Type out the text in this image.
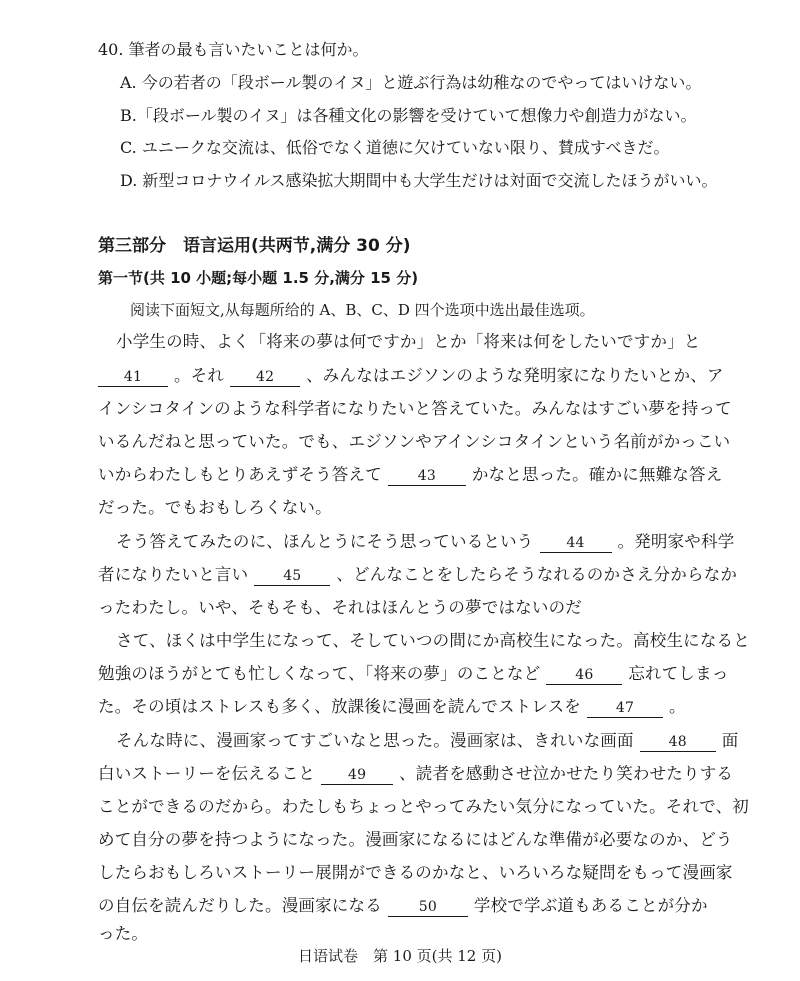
40. 筆者の最も言いたいことは何か。
A. 今の若者の「段ボール製のイヌ」と遊ぶ行為は幼稚なのでやってはいけない。
B.「段ボール製のイヌ」は各種文化の影響を受けていて想像力や創造力がない。
C. ユニークな交流は、低俗でなく道徳に欠けていない限り、賛成すべきだ。
D. 新型コロナウイルス感染拡大期間中も大学生だけは対面で交流したほうがいい。
第三部分　语言运用(共两节,满分 30 分)
第一节(共 10 小题;每小题 1.5 分,满分 15 分)
阅读下面短文,从每题所给的 A、B、C、D 四个选项中选出最佳选项。
小学生の時、よく「将来の夢は何ですか」とか「将来は何をしたいですか」と
41 。それ 42 、みんなはエジソンのような発明家になりたいとか、ア
インシコタインのような科学者になりたいと答えていた。みんなはすごい夢を持って
いるんだねと思っていた。でも、エジソンやアインシコタインという名前がかっこい
いからわたしもとりあえずそう答えて	43 かなと思った。確かに無難な答え
だった。でもおもしろくない。
そう答えてみたのに、ほんとうにそう思っているという 44 。発明家や科学
者になりたいと言い 45 、どんなことをしたらそうなれるのかさえ分からなか
ったわたし。いや、そもそも、それはほんとうの夢ではないのだ
さて、ほくは中学生になって、そしていつの間にか高校生になった。高校生になると
勉強のほうがとても忙しくなって、「将来の夢」のことなど 46 忘れてしまっ
た。その頃はストレスも多く、放課後に漫画を読んでストレスを 47 。
そんな時に、漫画家ってすごいなと思った。漫画家は、きれいな画面 48 面
白いストーリーを伝えること 49 、読者を感動させ泣かせたり笑わせたりする
ことができるのだから。わたしもちょっとやってみたい気分になっていた。それで、初
めて自分の夢を持つようになった。漫画家になるにはどんな準備が必要なのか、どう
したらおもしろいストーリー展開ができるのかなと、いろいろな疑問をもって漫画家
の自伝を読んだりした。漫画家になる	50 学校で学ぶ道もあることが分か
った。
日语试卷　第 10 页(共 12 页)
